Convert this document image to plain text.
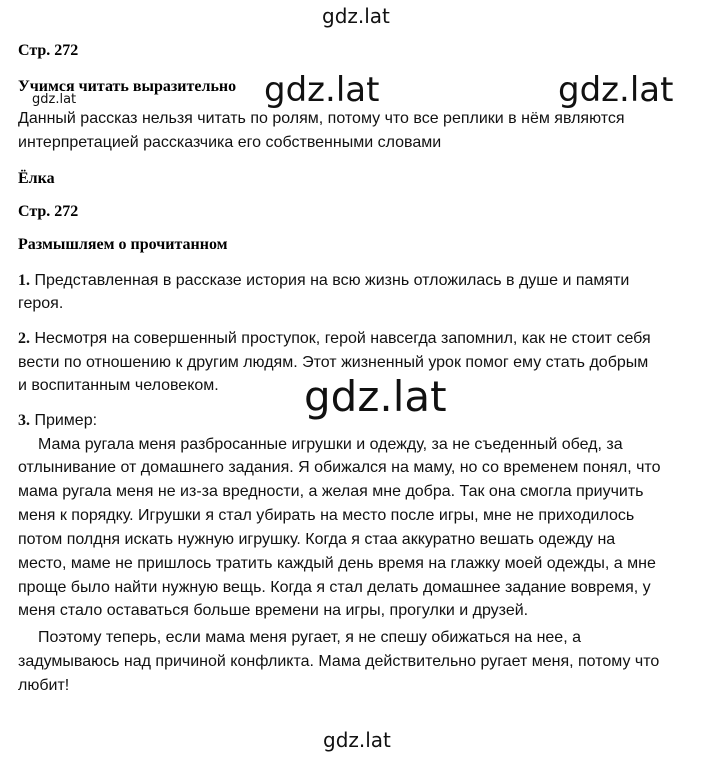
gdz.lat
Стр. 272
Учимся читать выразительно
gdz.lat	gdz.lat	gdz.lat
Данный рассказ нельзя читать по ролям, потому что все реплики в нём являются
интерпретацией рассказчика его собственными словами
Ёлка
Стр. 272
Размышляем о прочитанном
1. Представленная в рассказе история на всю жизнь отложилась в душе и памяти
героя.
2. Несмотря на совершенный проступок, герой навсегда запомнил, как не стоит себя
вести по отношению к другим людям. Этот жизненный урок помог ему стать добрым
и воспитанным человеком. gdz.lat
3. Пример:
Мама ругала меня разбросанные игрушки и одежду, за не съеденный обед, за
отлынивание от домашнего задания. Я обижался на маму, но со временем понял, что
мама ругала меня не из-за вредности, а желая мне добра. Так она смогла приучить
меня к порядку. Игрушки я стал убирать на место после игры, мне не приходилось
потом полдня искать нужную игрушку. Когда я стаа аккуратно вешать одежду на
место, маме не пришлось тратить каждый день время на глажку моей одежды, а мне
проще было найти нужную вещь. Когда я стал делать домашнее задание вовремя, у
меня стало оставаться больше времени на игры, прогулки и друзей.
Поэтому теперь, если мама меня ругает, я не спешу обижаться на нее, а
задумываюсь над причиной конфликта. Мама действительно ругает меня, потому что
любит!
gdz.lat
